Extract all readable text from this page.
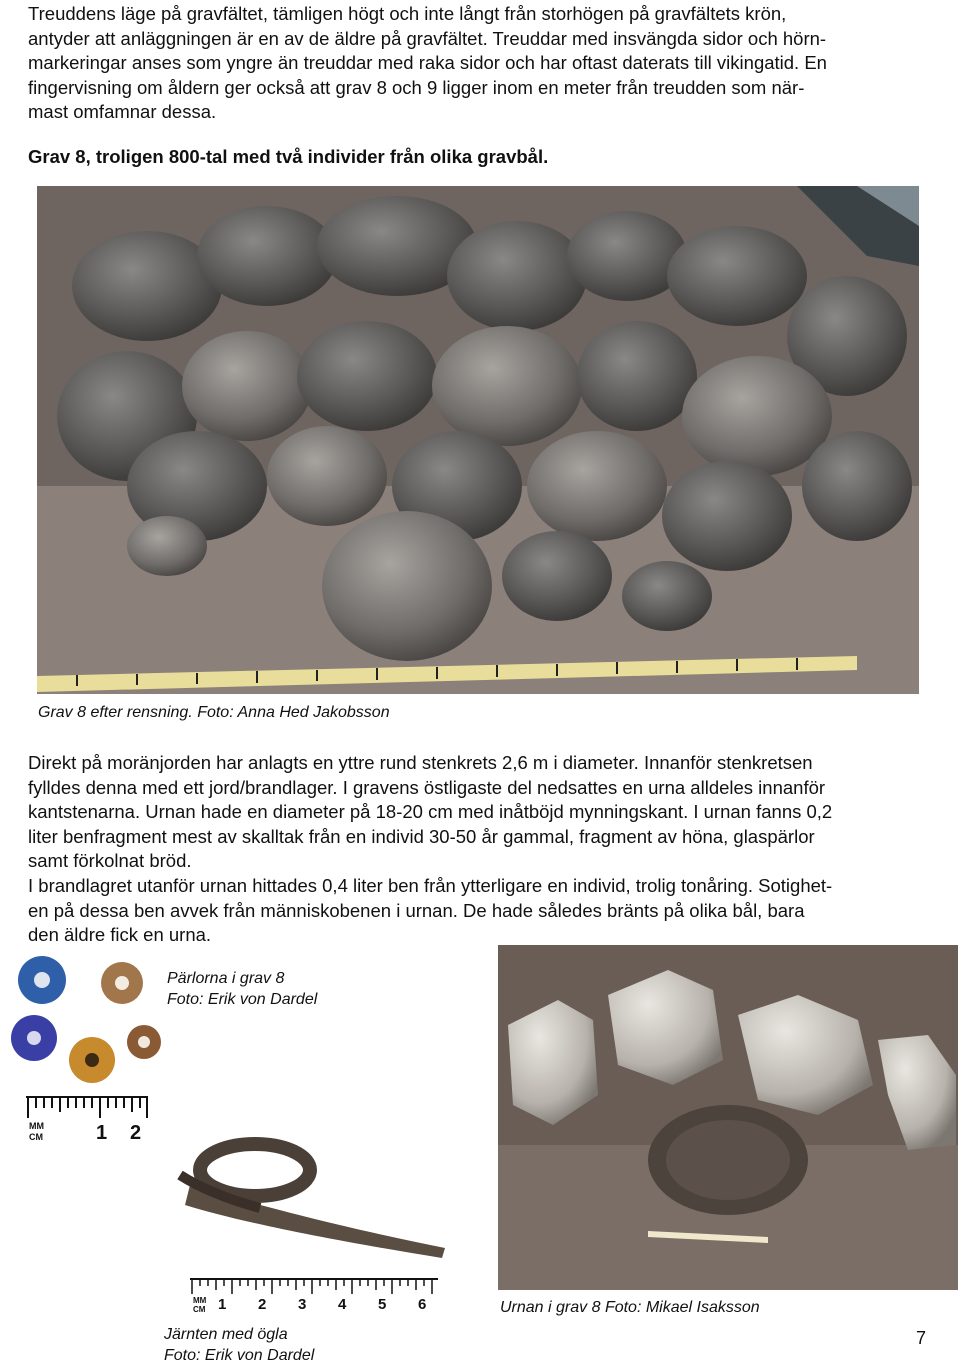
Treuddens läge på gravfältet, tämligen högt och inte långt från storhögen på gravfältets krön,
antyder att anläggningen är en av de äldre på gravfältet. Treuddar med insvängda sidor och hörn-
markeringar anses som yngre än treuddar med raka sidor och har oftast daterats till vikingatid. En
fingervisning om åldern ger också att grav 8 och 9 ligger inom en meter från treudden som när-
mast omfamnar dessa.

Grav 8, troligen 800-tal med två individer från olika gravbål.
Grav 8 efter rensning. Foto: Anna Hed Jakobsson

Direkt på moränjorden har anlagts en yttre rund stenkrets 2,6 m i diameter. Innanför stenkretsen
fylldes denna med ett jord/brandlager. I gravens östligaste del nedsattes en urna alldeles innanför
kantstenarna. Urnan hade en diameter på 18-20 cm med inåtböjd mynningskant. I urnan fanns 0,2
liter benfragment mest av skalltak från en individ 30-50 år gammal, fragment av höna, glaspärlor
samt förkolnat bröd.
I brandlagret utanför urnan hittades 0,4 liter ben från ytterligare en individ, trolig tonåring. Sotighet-
en på dessa ben avvek från människobenen i urnan. De hade således bränts på olika bål, bara
den äldre fick en urna.

MM
CM	1 2
Pärlorna i grav 8
Foto: Erik von Dardel
MM
CM 1 2 3 4 5 6
Järnten med ögla
Foto: Erik von Dardel
Urnan i grav 8 Foto: Mikael Isaksson
7
